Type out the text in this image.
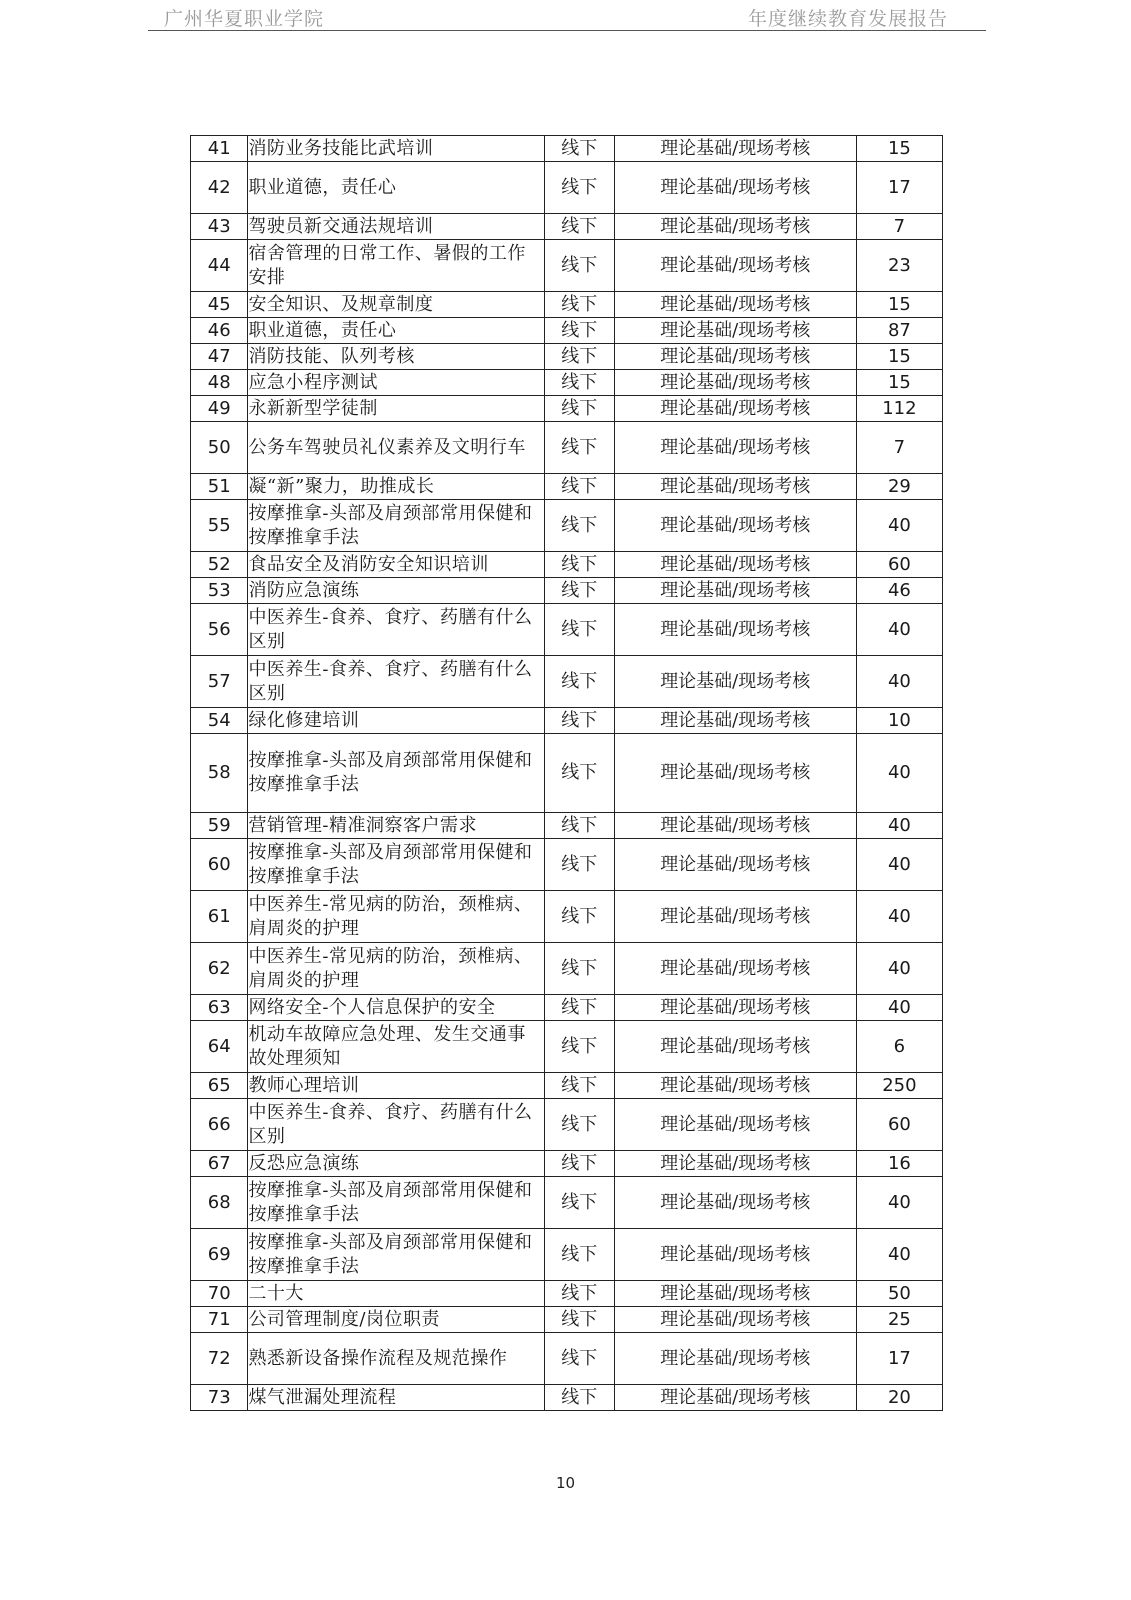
广州华夏职业学院	年度继续教育发展报告
41	消防业务技能比武培训	线下	理论基础/现场考核	15
42	职业道德，责任心	线下	理论基础/现场考核	17
43	驾驶员新交通法规培训	线下	理论基础/现场考核	7
44	宿舍管理的日常工作、暑假的工作安排	线下	理论基础/现场考核	23
45	安全知识、及规章制度	线下	理论基础/现场考核	15
46	职业道德，责任心	线下	理论基础/现场考核	87
47	消防技能、队列考核	线下	理论基础/现场考核	15
48	应急小程序测试	线下	理论基础/现场考核	15
49	永新新型学徒制	线下	理论基础/现场考核	112
50	公务车驾驶员礼仪素养及文明行车	线下	理论基础/现场考核	7
51	凝“新”聚力，助推成长	线下	理论基础/现场考核	29
55	按摩推拿-头部及肩颈部常用保健和按摩推拿手法	线下	理论基础/现场考核	40
52	食品安全及消防安全知识培训	线下	理论基础/现场考核	60
53	消防应急演练	线下	理论基础/现场考核	46
56	中医养生-食养、食疗、药膳有什么区别	线下	理论基础/现场考核	40
57	中医养生-食养、食疗、药膳有什么区别	线下	理论基础/现场考核	40
54	绿化修建培训	线下	理论基础/现场考核	10
58	按摩推拿-头部及肩颈部常用保健和按摩推拿手法	线下	理论基础/现场考核	40
59	营销管理-精准洞察客户需求	线下	理论基础/现场考核	40
60	按摩推拿-头部及肩颈部常用保健和按摩推拿手法	线下	理论基础/现场考核	40
61	中医养生-常见病的防治，颈椎病、肩周炎的护理	线下	理论基础/现场考核	40
62	中医养生-常见病的防治，颈椎病、肩周炎的护理	线下	理论基础/现场考核	40
63	网络安全-个人信息保护的安全	线下	理论基础/现场考核	40
64	机动车故障应急处理、发生交通事故处理须知	线下	理论基础/现场考核	6
65	教师心理培训	线下	理论基础/现场考核	250
66	中医养生-食养、食疗、药膳有什么区别	线下	理论基础/现场考核	60
67	反恐应急演练	线下	理论基础/现场考核	16
68	按摩推拿-头部及肩颈部常用保健和按摩推拿手法	线下	理论基础/现场考核	40
69	按摩推拿-头部及肩颈部常用保健和按摩推拿手法	线下	理论基础/现场考核	40
70	二十大	线下	理论基础/现场考核	50
71	公司管理制度/岗位职责	线下	理论基础/现场考核	25
72	熟悉新设备操作流程及规范操作	线下	理论基础/现场考核	17
73	煤气泄漏处理流程	线下	理论基础/现场考核	20
10
